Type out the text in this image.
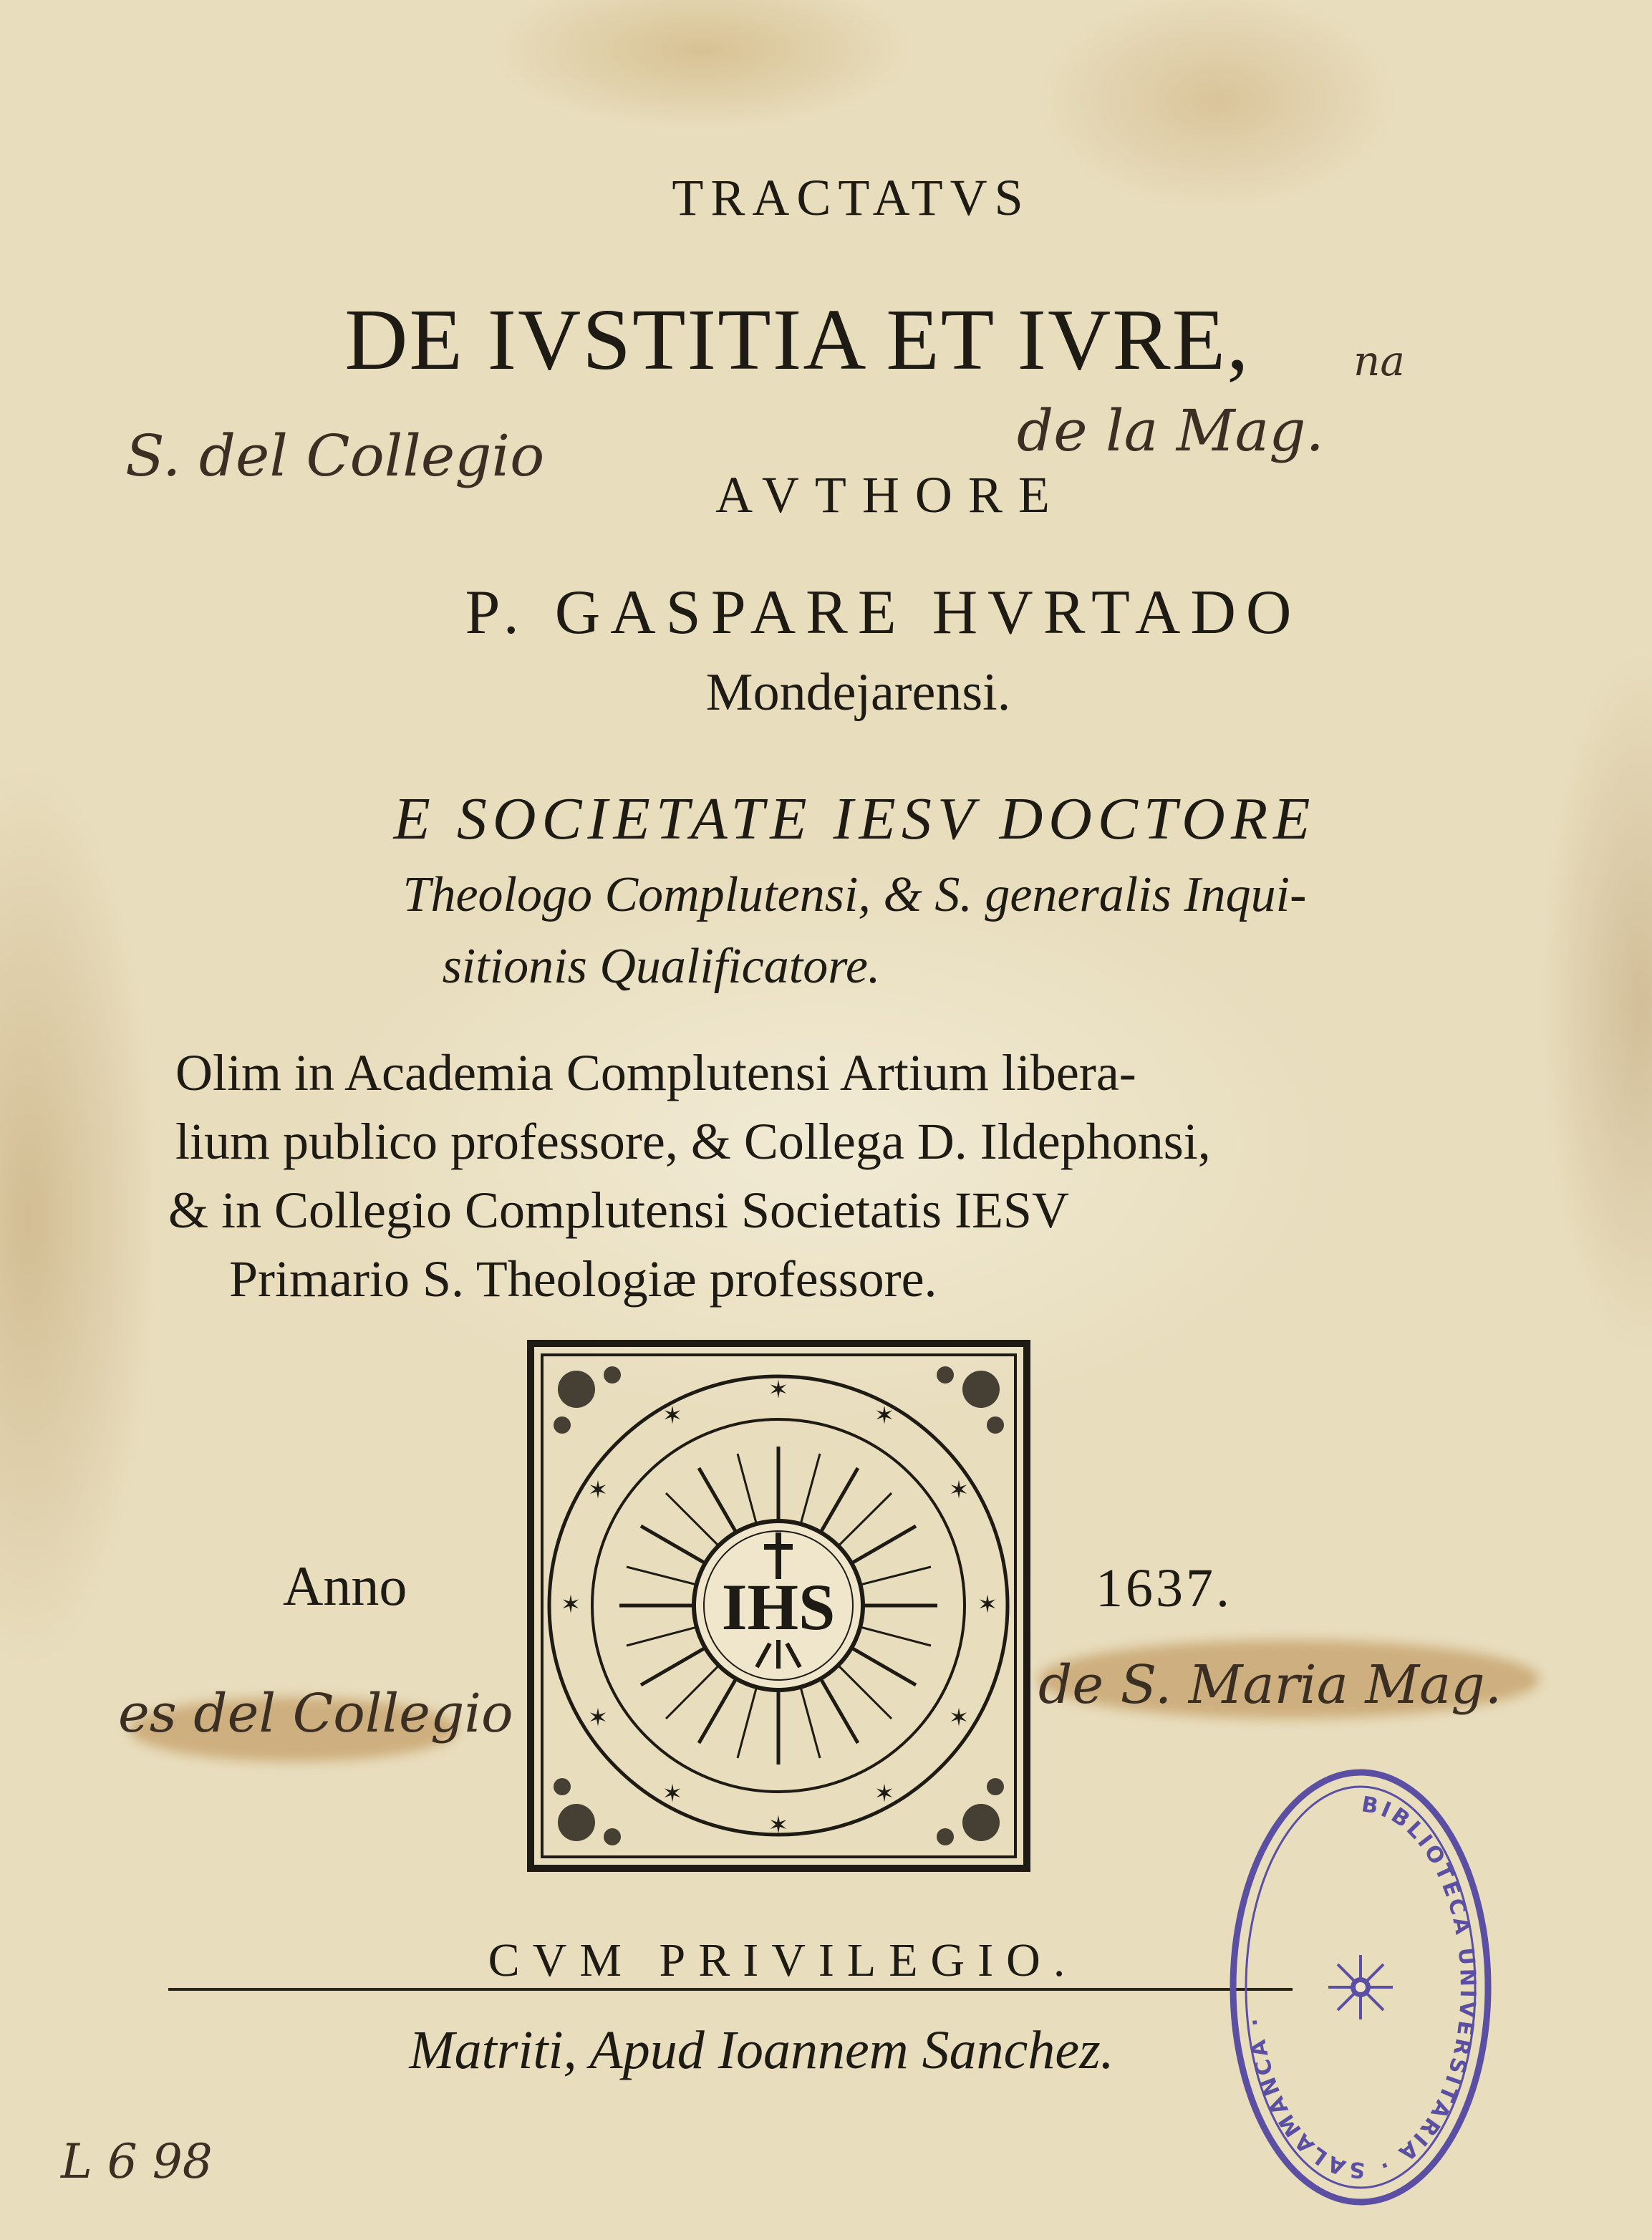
TRACTATVS
DE IVSTITIA ET IVRE,
AVTHORE
P. GASPARE HVRTADO
Mondejarensi.
E SOCIETATE IESV DOCTORE
Theologo Complutensi, & S. generalis Inqui-
sitionis Qualificatore.
Olim in Academia Complutensi Artium libera-
lium publico professore, & Collega D. Ildephonsi,
& in Collegio Complutensi Societatis IESV
Primario S. Theologiæ professore.
✶
✶
✶
✶
✶
✶
✶
✶
✶
✶
✶
✶
IHS
Anno	1637.
CVM PRIVILEGIO.
Matriti, Apud Ioannem Sanchez.
S. del Collegio	de la Mag.
na
es del Collegio	de S. Maria Mag.
L 6 98
BIBLIOTECA UNIVERSITARIA · SALAMANCA ·
